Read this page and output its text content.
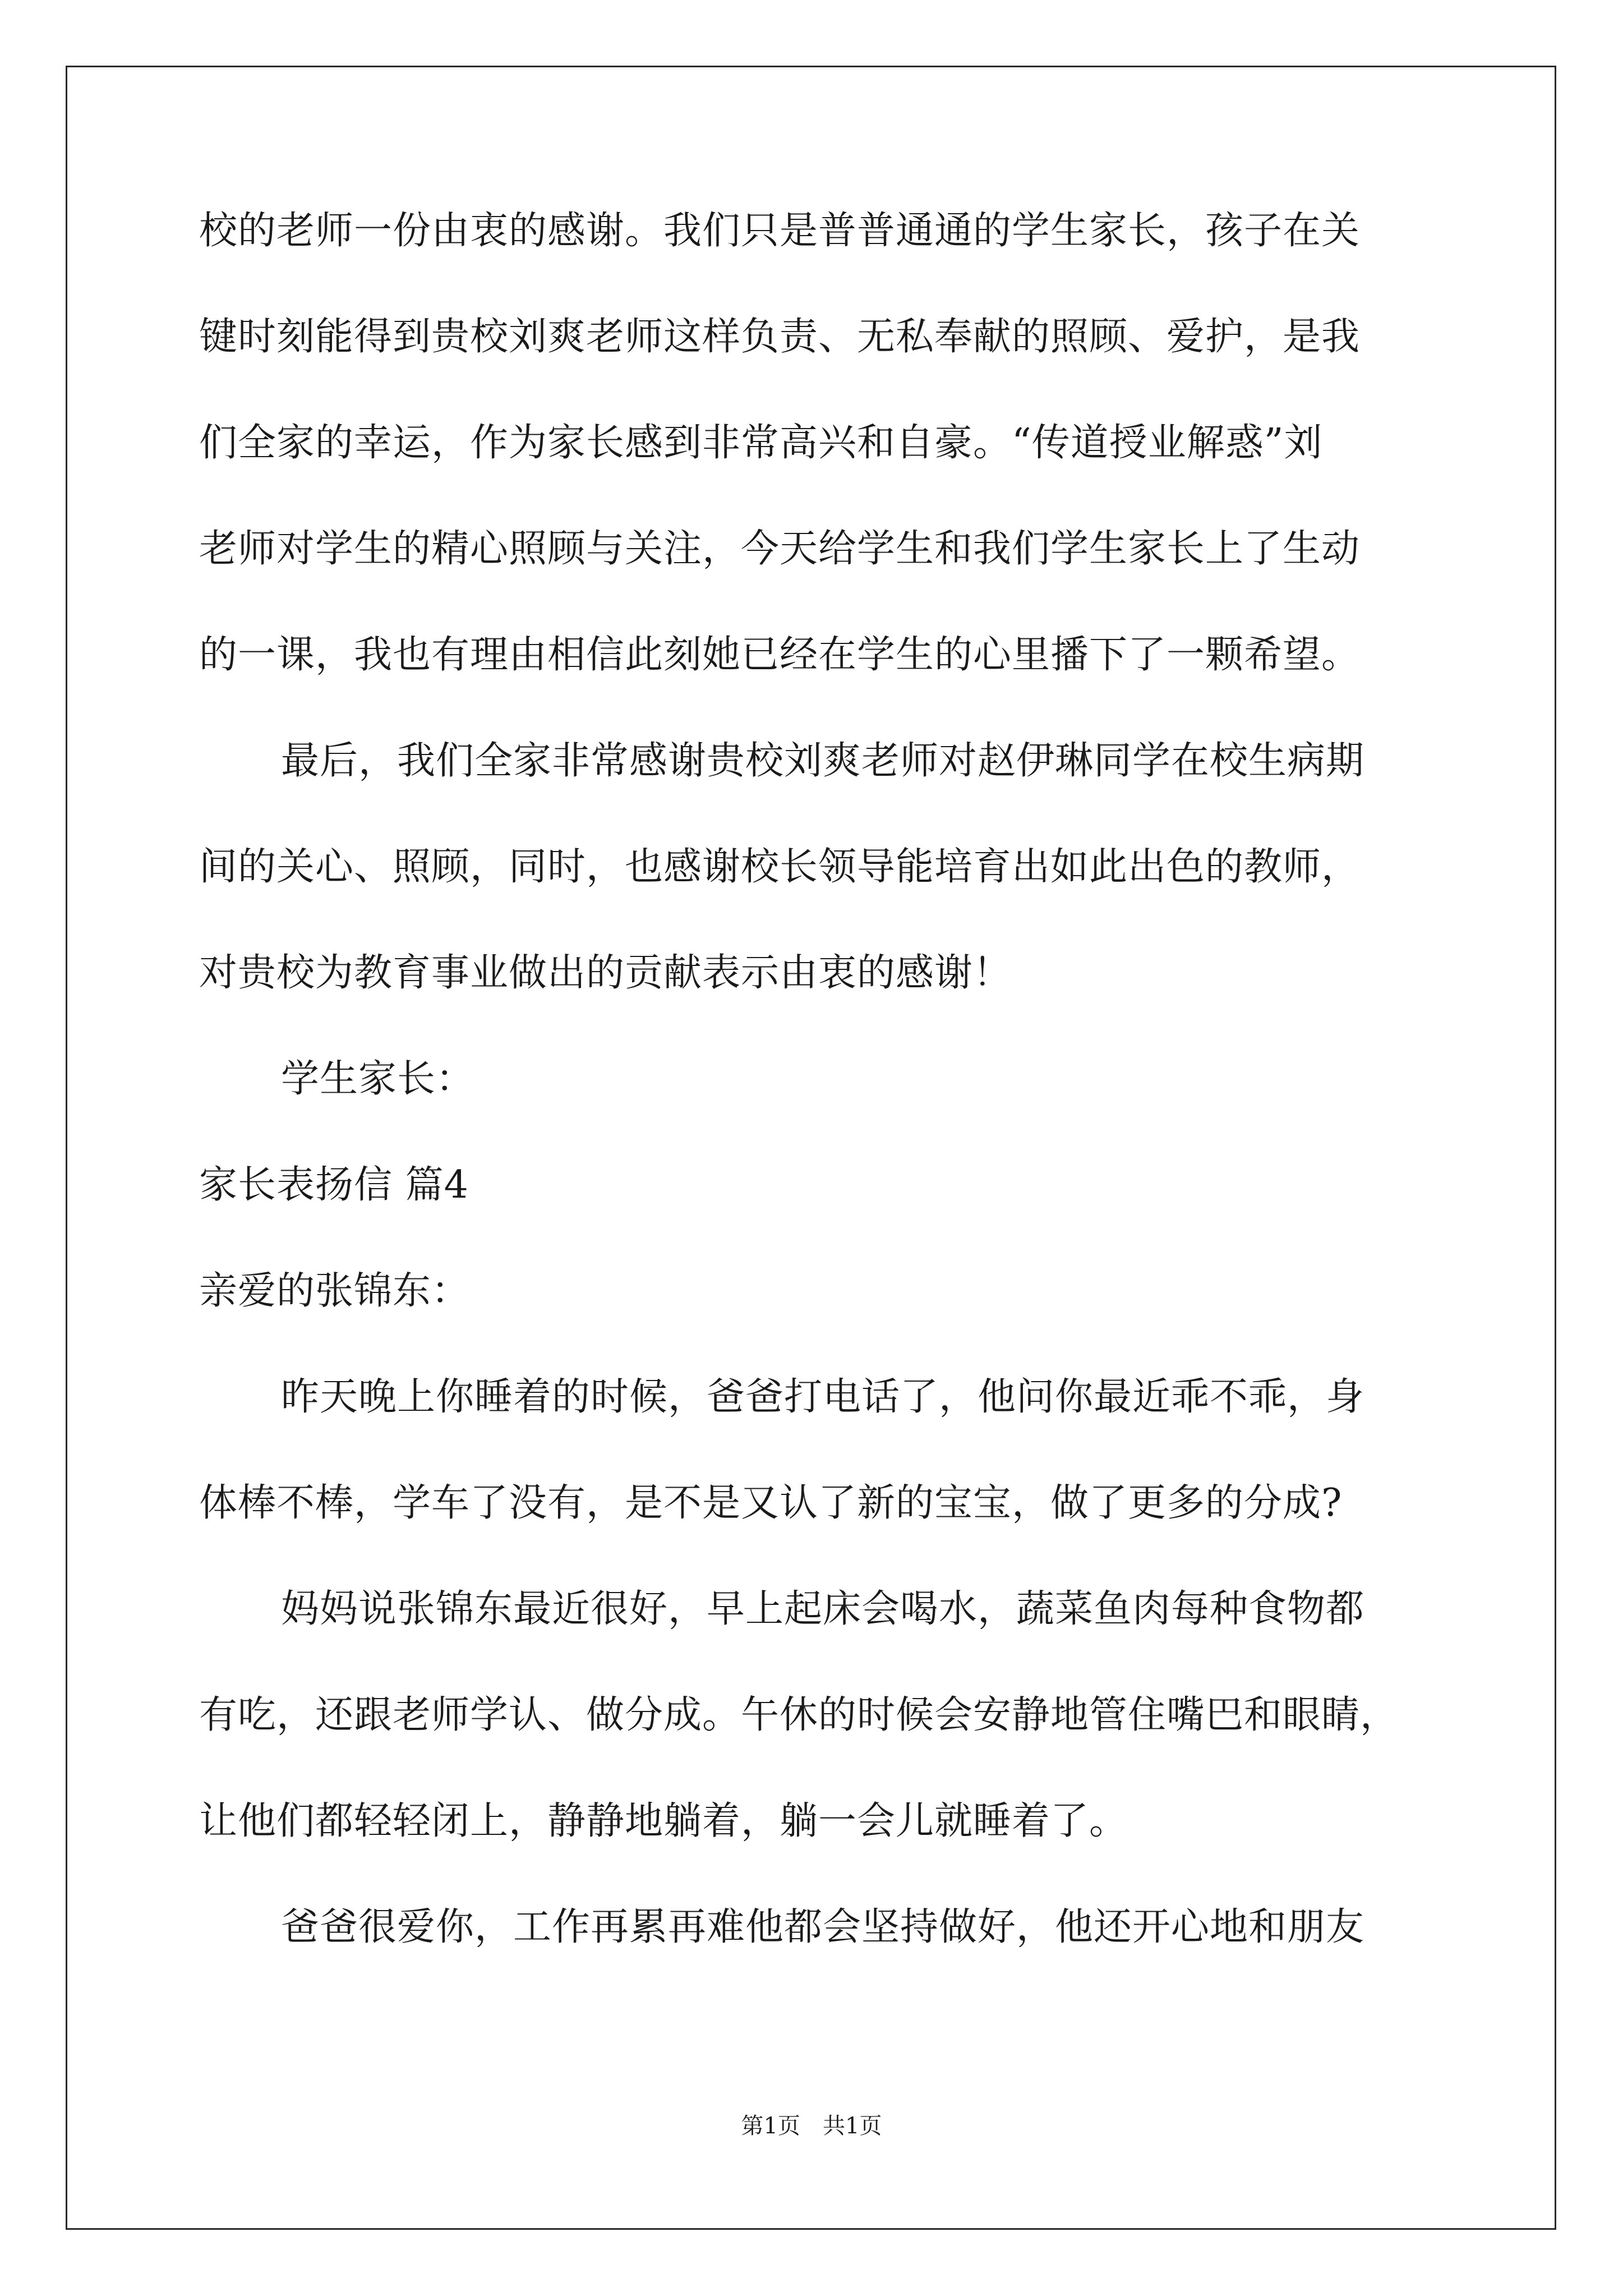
校的老师一份由衷的感谢。我们只是普普通通的学生家长，孩子在关
键时刻能得到贵校刘爽老师这样负责、无私奉献的照顾、爱护，是我
们全家的幸运，作为家长感到非常高兴和自豪。“传道授业解惑”刘
老师对学生的精心照顾与关注，今天给学生和我们学生家长上了生动
的一课，我也有理由相信此刻她已经在学生的心里播下了一颗希望。
最后，我们全家非常感谢贵校刘爽老师对赵伊琳同学在校生病期
间的关心、照顾，同时，也感谢校长领导能培育出如此出色的教师，
对贵校为教育事业做出的贡献表示由衷的感谢！
学生家长：
家长表扬信 篇4
亲爱的张锦东：
昨天晚上你睡着的时候，爸爸打电话了，他问你最近乖不乖，身
体棒不棒，学车了没有，是不是又认了新的宝宝，做了更多的分成?
妈妈说张锦东最近很好，早上起床会喝水，蔬菜鱼肉每种食物都
有吃，还跟老师学认、做分成。午休的时候会安静地管住嘴巴和眼睛，
让他们都轻轻闭上，静静地躺着，躺一会儿就睡着了。
爸爸很爱你，工作再累再难他都会坚持做好，他还开心地和朋友
第1页　共1页
